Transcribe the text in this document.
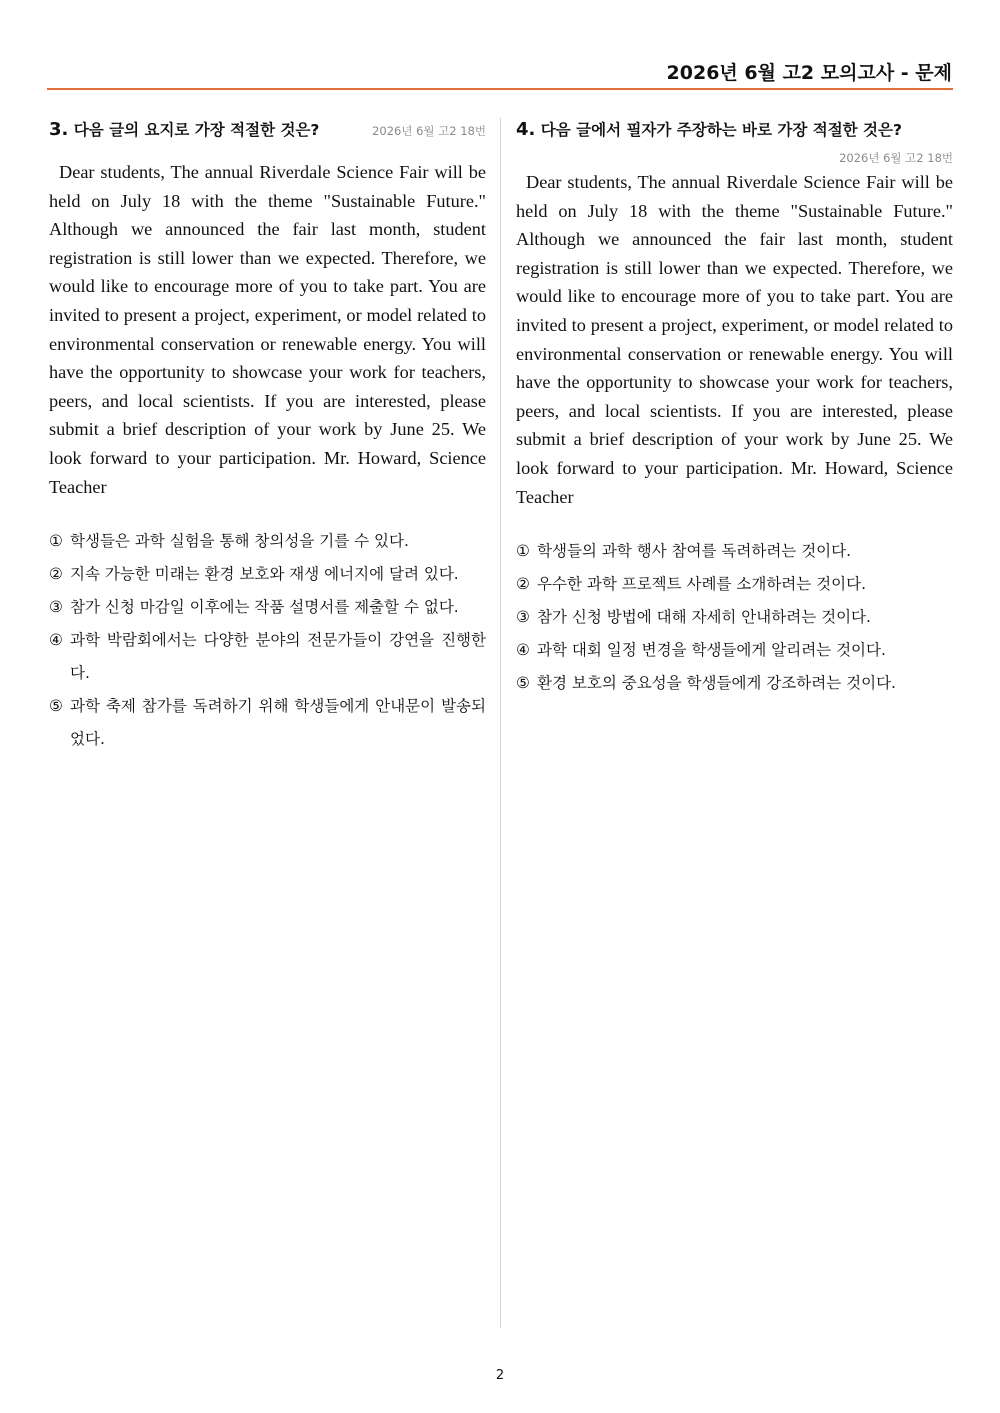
2026년 6월 고2 모의고사 - 문제
3. 다음 글의 요지로 가장 적절한 것은?	2026년 6월 고2 18번

Dear students, The annual Riverdale Science Fair will be held on July 18 with the theme "Sustainable Future." Although we announced the fair last month, student registration is still lower than we expected. Therefore, we would like to encourage more of you to take part. You are invited to present a project, experiment, or model related to environmental conservation or renewable energy. You will have the opportunity to showcase your work for teachers, peers, and local scientists. If you are interested, please submit a brief description of your work by June 25. We look forward to your participation. Mr. Howard, Science Teacher

① 학생들은 과학 실험을 통해 창의성을 기를 수 있다.
② 지속 가능한 미래는 환경 보호와 재생 에너지에 달려 있다.
③ 참가 신청 마감일 이후에는 작품 설명서를 제출할 수 없다.
④ 과학 박람회에서는 다양한 분야의 전문가들이 강연을 진행한다.
⑤ 과학 축제 참가를 독려하기 위해 학생들에게 안내문이 발송되었다.
4. 다음 글에서 필자가 주장하는 바로 가장 적절한 것은?
2026년 6월 고2 18번

Dear students, The annual Riverdale Science Fair will be held on July 18 with the theme "Sustainable Future." Although we announced the fair last month, student registration is still lower than we expected. Therefore, we would like to encourage more of you to take part. You are invited to present a project, experiment, or model related to environmental conservation or renewable energy. You will have the opportunity to showcase your work for teachers, peers, and local scientists. If you are interested, please submit a brief description of your work by June 25. We look forward to your participation. Mr. Howard, Science Teacher

① 학생들의 과학 행사 참여를 독려하려는 것이다.
② 우수한 과학 프로젝트 사례를 소개하려는 것이다.
③ 참가 신청 방법에 대해 자세히 안내하려는 것이다.
④ 과학 대회 일정 변경을 학생들에게 알리려는 것이다.
⑤ 환경 보호의 중요성을 학생들에게 강조하려는 것이다.
2
